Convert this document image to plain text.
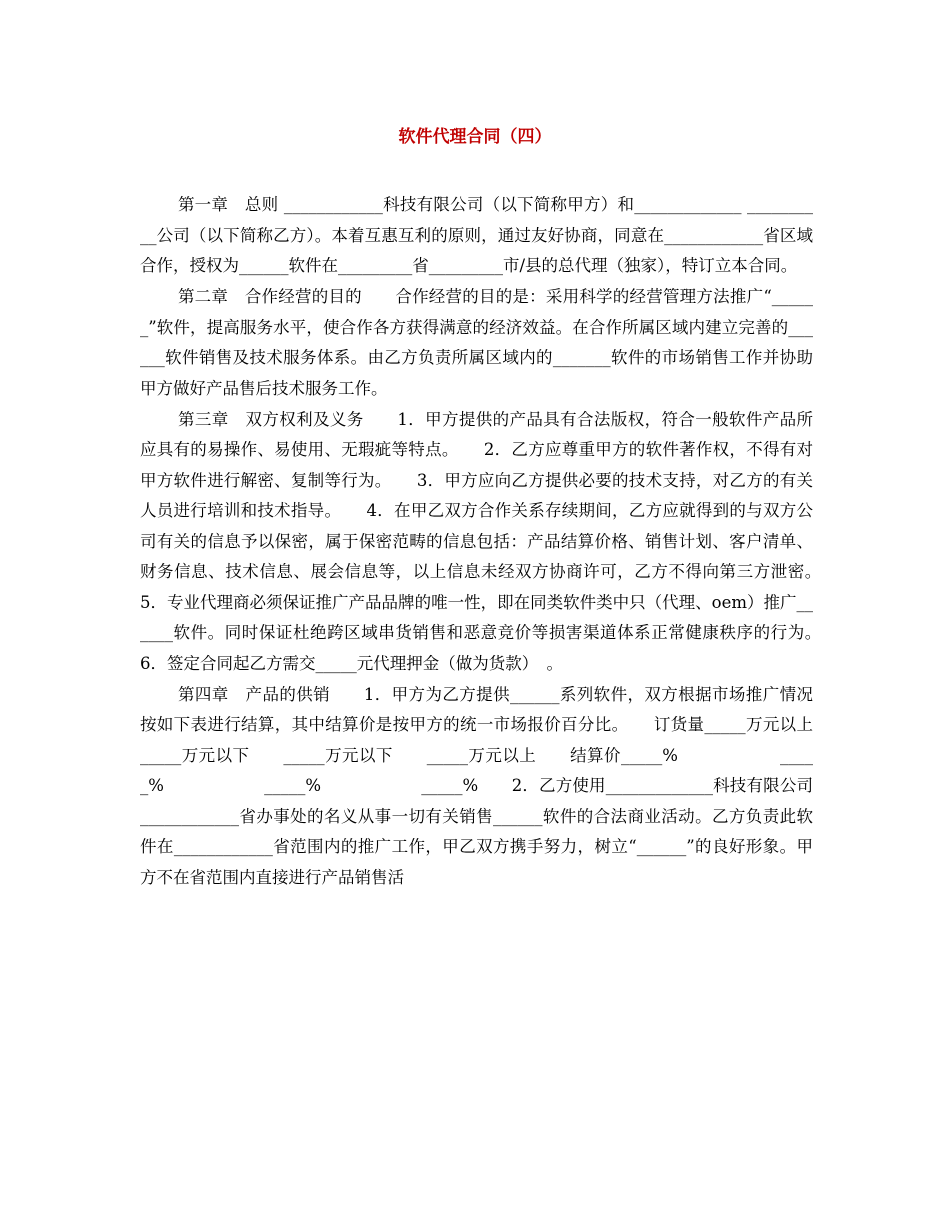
软件代理合同（四）

第一章　总则 ____________科技有限公司（以下简称甲方）和_____________ __________公司（以下简称乙方）。本着互惠互利的原则，通过友好协商，同意在____________省区域合作，授权为______软件在_________省_________市/县的总代理（独家），特订立本合同。

第二章　合作经营的目的　　合作经营的目的是：采用科学的经营管理方法推广“______”软件，提高服务水平，使合作各方获得满意的经济效益。在合作所属区域内建立完善的______软件销售及技术服务体系。由乙方负责所属区域内的_______软件的市场销售工作并协助甲方做好产品售后技术服务工作。

第三章　双方权利及义务　　1．甲方提供的产品具有合法版权，符合一般软件产品所应具有的易操作、易使用、无瑕疵等特点。　　2．乙方应尊重甲方的软件著作权，不得有对甲方软件进行解密、复制等行为。　　3．甲方应向乙方提供必要的技术支持，对乙方的有关人员进行培训和技术指导。　　4．在甲乙双方合作关系存续期间，乙方应就得到的与双方公司有关的信息予以保密，属于保密范畴的信息包括：产品结算价格、销售计划、客户清单、财务信息、技术信息、展会信息等，以上信息未经双方协商许可，乙方不得向第三方泄密。　　5．专业代理商必须保证推广产品品牌的唯一性，即在同类软件类中只（代理、oem）推广______软件。同时保证杜绝跨区域串货销售和恶意竞价等损害渠道体系正常健康秩序的行为。　　6．签定合同起乙方需交_____元代理押金（做为货款）　。

第四章　产品的供销　　1．甲方为乙方提供______系列软件，双方根据市场推广情况按如下表进行结算，其中结算价是按甲方的统一市场报价百分比。　　订货量_____万元以上　　_____万元以下　　_____万元以下　　_____万元以上　　结算价_____%　　　　　　_____%　　　　　　_____%　　　　　　_____%　　2．乙方使用_____________科技有限公司____________省办事处的名义从事一切有关销售______软件的合法商业活动。乙方负责此软件在____________省范围内的推广工作，甲乙双方携手努力，树立“______”的良好形象。甲方不在省范围内直接进行产品销售活
